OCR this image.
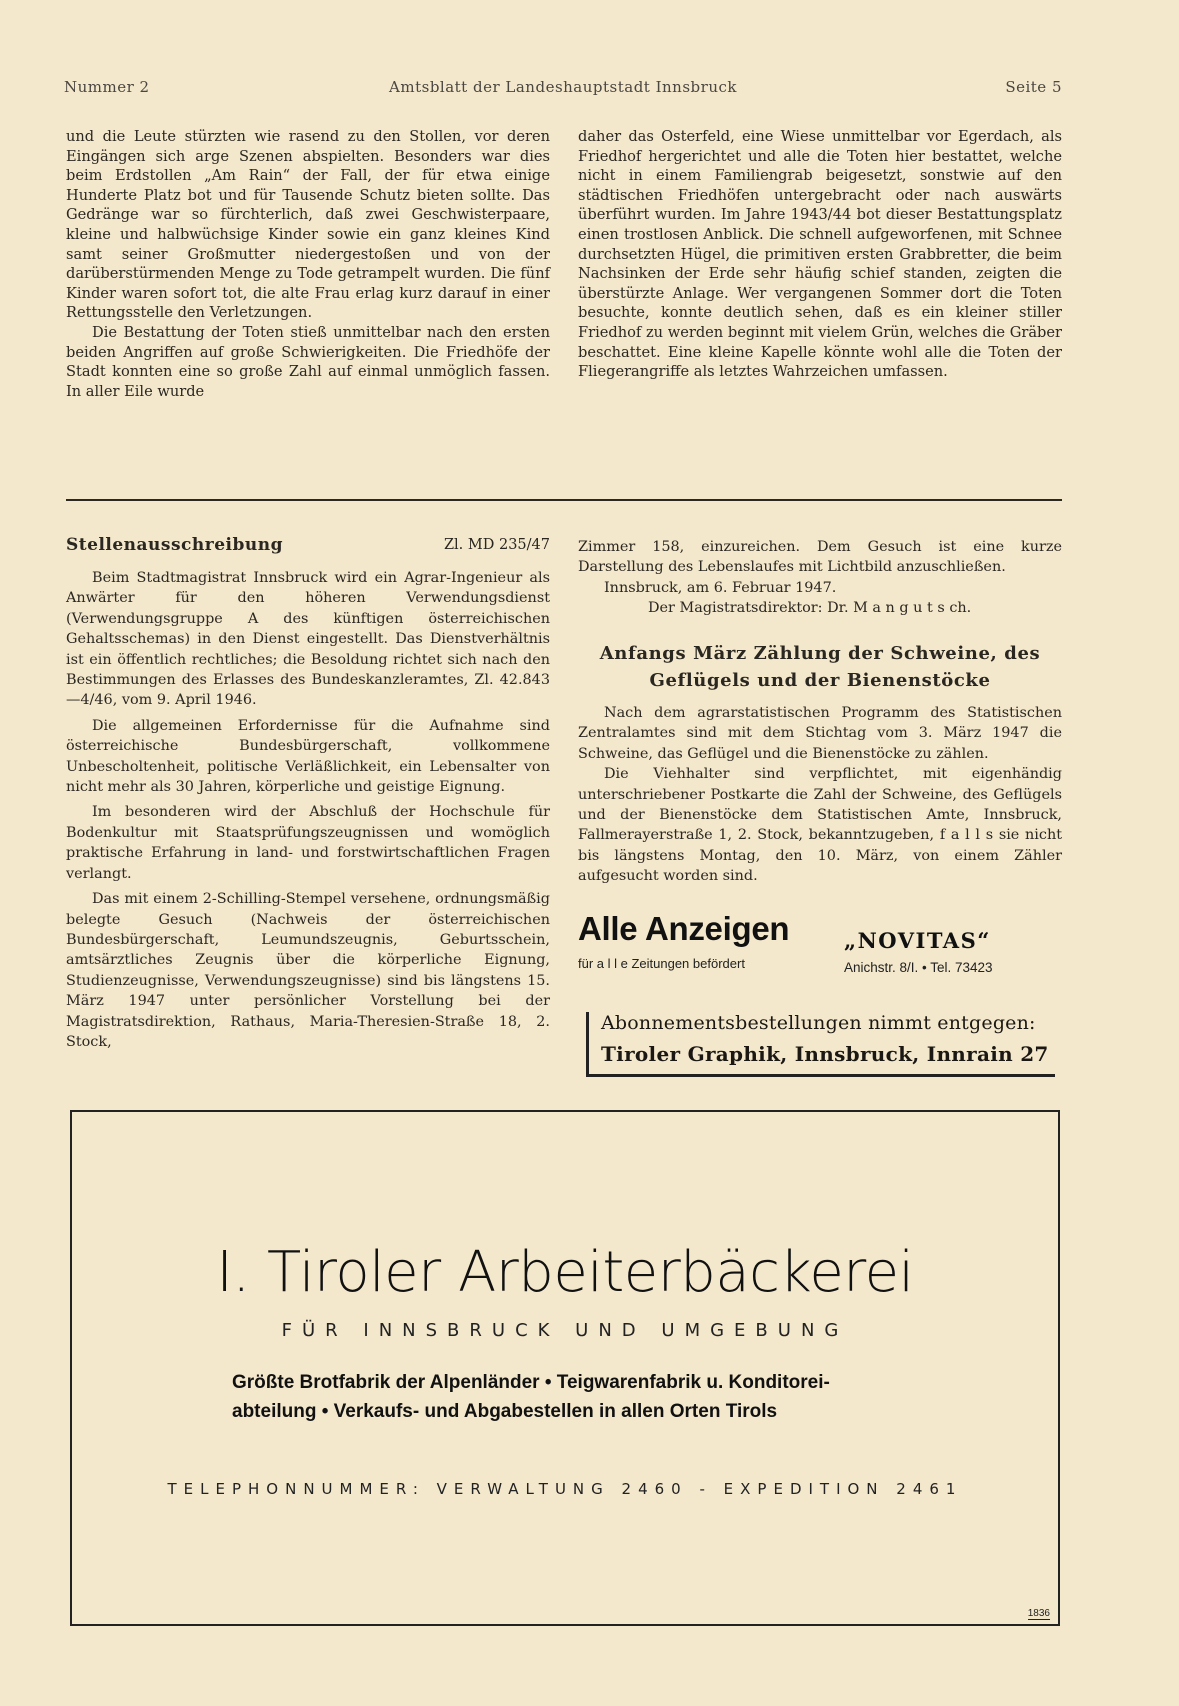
Nummer 2	Amtsblatt der Landeshauptstadt Innsbruck	Seite 5

und die Leute stürzten wie rasend zu den Stollen, vor deren Eingängen sich arge Szenen abspielten. Besonders war dies beim Erdstollen „Am Rain“ der Fall, der für etwa einige Hunderte Platz bot und für Tausende Schutz bieten sollte. Das Gedränge war so fürchterlich, daß zwei Geschwisterpaare, kleine und halbwüchsige Kinder sowie ein ganz kleines Kind samt seiner Großmutter niedergestoßen und von der darüberstürmenden Menge zu Tode getrampelt wurden. Die fünf Kinder waren sofort tot, die alte Frau erlag kurz darauf in einer Rettungsstelle den Verletzungen.

Die Bestattung der Toten stieß unmittelbar nach den ersten beiden Angriffen auf große Schwierigkeiten. Die Friedhöfe der Stadt konnten eine so große Zahl auf einmal unmöglich fassen. In aller Eile wurde

daher das Osterfeld, eine Wiese unmittelbar vor Egerdach, als Friedhof hergerichtet und alle die Toten hier bestattet, welche nicht in einem Familiengrab beigesetzt, sonstwie auf den städtischen Friedhöfen untergebracht oder nach auswärts überführt wurden. Im Jahre 1943/44 bot dieser Bestattungsplatz einen trostlosen Anblick. Die schnell aufgeworfenen, mit Schnee durchsetzten Hügel, die primitiven ersten Grabbretter, die beim Nachsinken der Erde sehr häufig schief standen, zeigten die überstürzte Anlage. Wer vergangenen Sommer dort die Toten besuchte, konnte deutlich sehen, daß es ein kleiner stiller Friedhof zu werden beginnt mit vielem Grün, welches die Gräber beschattet. Eine kleine Kapelle könnte wohl alle die Toten der Fliegerangriffe als letztes Wahrzeichen umfassen.

Stellenausschreibung	Zl. MD 235/47

Beim Stadtmagistrat Innsbruck wird ein Agrar-Ingenieur als Anwärter für den höheren Verwendungsdienst (Verwendungsgruppe A des künftigen österreichischen Gehaltsschemas) in den Dienst eingestellt. Das Dienstverhältnis ist ein öffentlich rechtliches; die Besoldung richtet sich nach den Bestimmungen des Erlasses des Bundeskanzleramtes, Zl. 42.843—4/46, vom 9. April 1946.

Die allgemeinen Erfordernisse für die Aufnahme sind österreichische Bundesbürgerschaft, vollkommene Unbescholtenheit, politische Verläßlichkeit, ein Lebensalter von nicht mehr als 30 Jahren, körperliche und geistige Eignung.

Im besonderen wird der Abschluß der Hochschule für Bodenkultur mit Staatsprüfungszeugnissen und womöglich praktische Erfahrung in land- und forstwirtschaftlichen Fragen verlangt.

Das mit einem 2-Schilling-Stempel versehene, ordnungsmäßig belegte Gesuch (Nachweis der österreichischen Bundesbürgerschaft, Leumundszeugnis, Geburtsschein, amtsärztliches Zeugnis über die körperliche Eignung, Studienzeugnisse, Verwendungszeugnisse) sind bis längstens 15. März 1947 unter persönlicher Vorstellung bei der Magistratsdirektion, Rathaus, Maria-Theresien-Straße 18, 2. Stock,

Zimmer 158, einzureichen. Dem Gesuch ist eine kurze Darstellung des Lebenslaufes mit Lichtbild anzuschließen.

Innsbruck, am 6. Februar 1947.

Der Magistratsdirektor: Dr. M a n g u t s ch.

Anfangs März Zählung der Schweine, des Geflügels und der Bienenstöcke

Nach dem agrarstatistischen Programm des Statistischen Zentralamtes sind mit dem Stichtag vom 3. März 1947 die Schweine, das Geflügel und die Bienenstöcke zu zählen.

Die Viehhalter sind verpflichtet, mit eigenhändig unterschriebener Postkarte die Zahl der Schweine, des Geflügels und der Bienenstöcke dem Statistischen Amte, Innsbruck, Fallmerayerstraße 1, 2. Stock, bekanntzugeben, f a l l s sie nicht bis längstens Montag, den 10. März, von einem Zähler aufgesucht worden sind.

Alle Anzeigen
für a l l e Zeitungen befördert
„NOVITAS“
Anichstr. 8/I. • Tel. 73423
Abonnementsbestellungen nimmt entgegen:
Tiroler Graphik, Innsbruck, Innrain 27
I. Tiroler Arbeiterbäckerei
FÜR INNSBRUCK UND UMGEBUNG
Größte Brotfabrik der Alpenländer • Teigwarenfabrik u. Konditorei-
abteilung • Verkaufs- und Abgabestellen in allen Orten Tirols
TELEPHONNUMMER: VERWALTUNG 2460 - EXPEDITION 2461
1836
